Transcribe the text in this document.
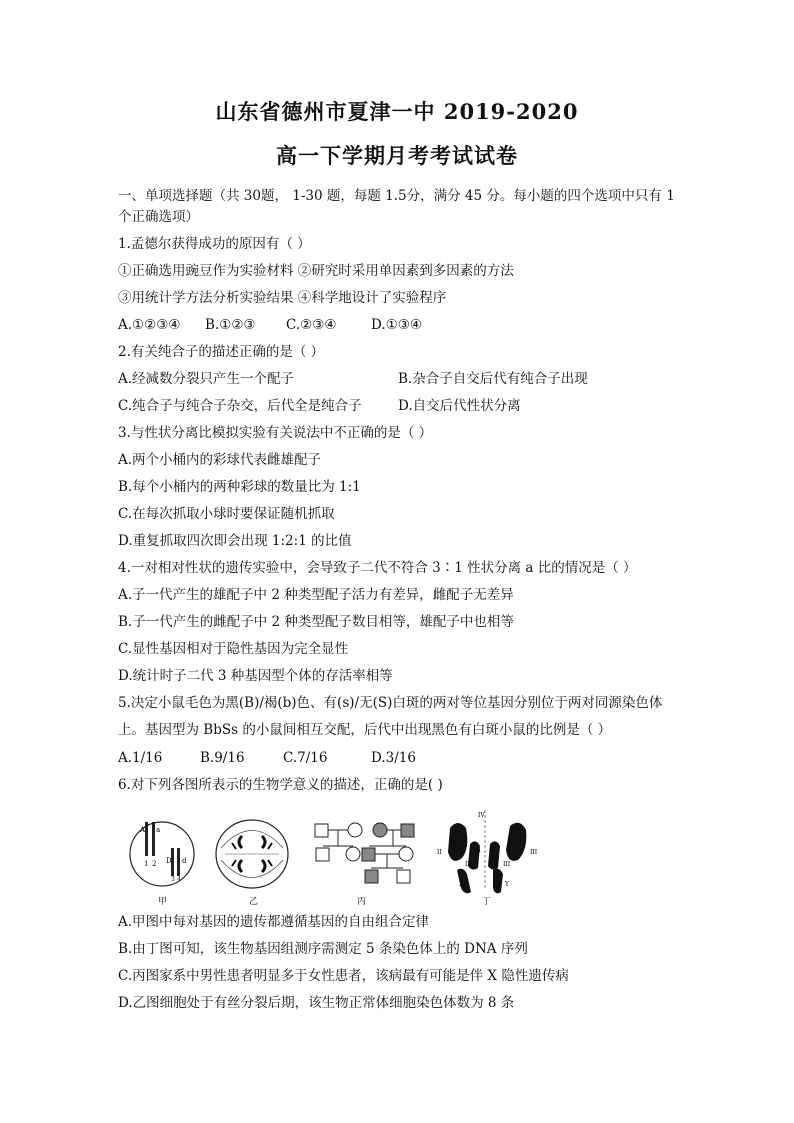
山东省德州市夏津一中 2019-2020
高一下学期月考考试试卷
一、单项选择题（共 30题， 1-30 题，每题 1.5分，满分 45 分。每小题的四个选项中只有 1
个正确选项）
1.孟德尔获得成功的原因有（ ）
①正确选用豌豆作为实验材料 ②研究时采用单因素到多因素的方法
③用统计学方法分析实验结果 ④科学地设计了实验程序
A.①②③④ B.①②③ C.②③④	D.①③④
2.有关纯合子的描述正确的是（ ）
A.经减数分裂只产生一个配子	B.杂合子自交后代有纯合子出现
C.纯合子与纯合子杂交，后代全是纯合子	D.自交后代性状分离
3.与性状分离比模拟实验有关说法中不正确的是（ ）
A.两个小桶内的彩球代表雌雄配子
B.每个小桶内的两种彩球的数量比为 1:1
C.在每次抓取小球时要保证随机抓取
D.重复抓取四次即会出现 1:2:1 的比值
4.一对相对性状的遗传实验中，会导致子二代不符合 3∶1 性状分离 a 比的情况是（ ）
A.子一代产生的雄配子中 2 种类型配子活力有差异，雌配子无差异
B.子一代产生的雌配子中 2 种类型配子数目相等，雄配子中也相等
C.显性基因相对于隐性基因为完全显性
D.统计时子二代 3 种基因型个体的存活率相等
5.决定小鼠毛色为黑(B)/褐(b)色、有(s)/无(S)白斑的两对等位基因分别位于两对同源染色体
上。基因型为 BbSs 的小鼠间相互交配，后代中出现黑色有白斑小鼠的比例是（ ）
A.1/16	B.9/16	C.7/16	D.3/16
6.对下列各图所表示的生物学意义的描述，正确的是( )
A a
1 2 D d
3 4
IV
a A
II
II	III
III
X	Y
甲	乙	丙	丁
A.甲图中每对基因的遗传都遵循基因的自由组合定律
B.由丁图可知，该生物基因组测序需测定 5 条染色体上的 DNA 序列
C.丙图家系中男性患者明显多于女性患者，该病最有可能是伴 X 隐性遗传病
D.乙图细胞处于有丝分裂后期，该生物正常体细胞染色体数为 8 条
